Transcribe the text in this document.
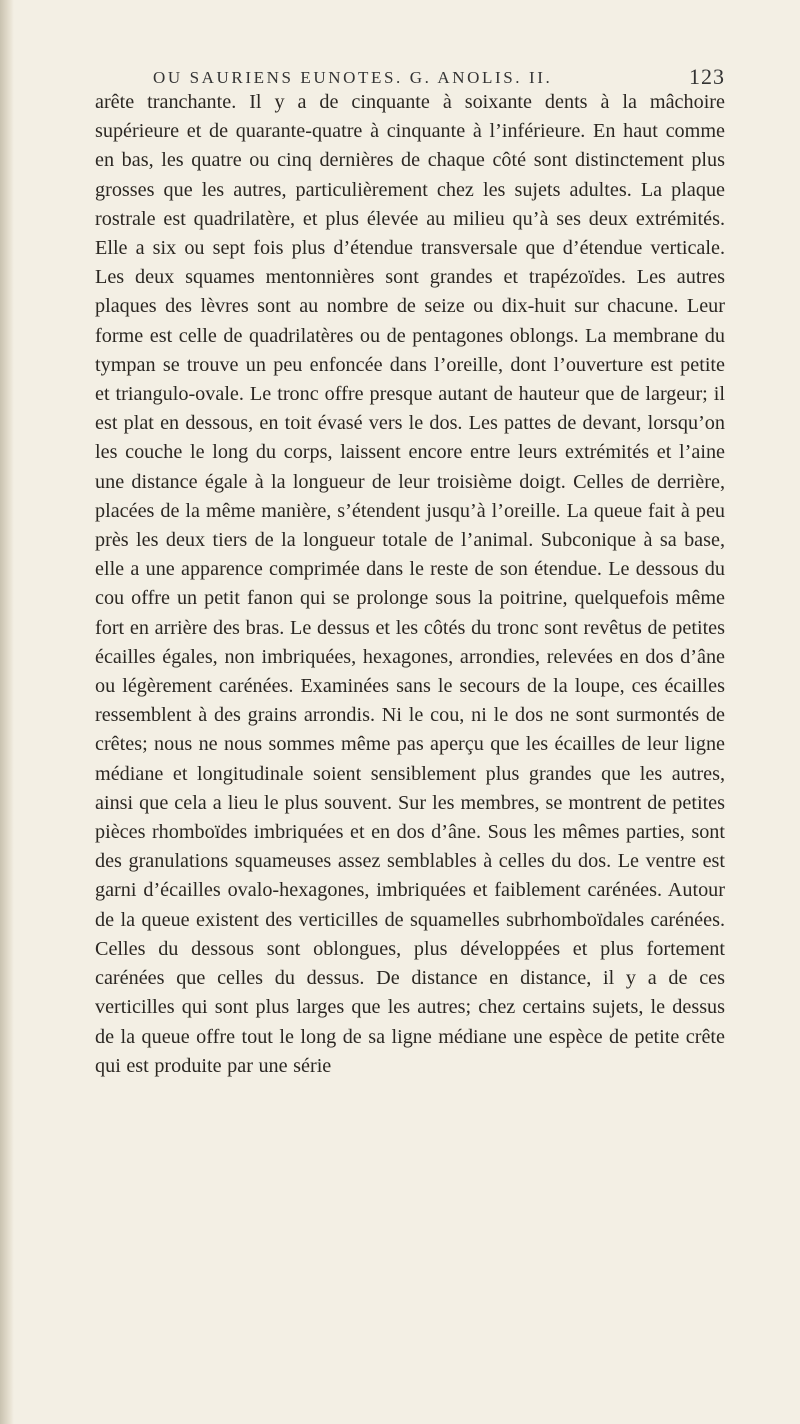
OU SAURIENS EUNOTES. G. ANOLIS. II.	123

arête tranchante. Il y a de cinquante à soixante dents à la mâchoire supérieure et de quarante-quatre à cinquante à l’inférieure. En haut comme en bas, les quatre ou cinq dernières de chaque côté sont distinctement plus grosses que les autres, particulièrement chez les sujets adultes. La plaque rostrale est quadrilatère, et plus élevée au milieu qu’à ses deux extrémités. Elle a six ou sept fois plus d’étendue transversale que d’étendue verticale. Les deux squames mentonnières sont grandes et trapézoïdes. Les autres plaques des lèvres sont au nombre de seize ou dix-huit sur chacune. Leur forme est celle de quadrilatères ou de pentagones oblongs. La membrane du tympan se trouve un peu enfoncée dans l’oreille, dont l’ouverture est petite et triangulo-ovale. Le tronc offre presque autant de hauteur que de largeur; il est plat en dessous, en toit évasé vers le dos. Les pattes de devant, lorsqu’on les couche le long du corps, laissent encore entre leurs extrémités et l’aine une distance égale à la longueur de leur troisième doigt. Celles de derrière, placées de la même manière, s’étendent jusqu’à l’oreille. La queue fait à peu près les deux tiers de la longueur totale de l’animal. Subconique à sa base, elle a une apparence comprimée dans le reste de son étendue. Le dessous du cou offre un petit fanon qui se prolonge sous la poitrine, quelquefois même fort en arrière des bras. Le dessus et les côtés du tronc sont revêtus de petites écailles égales, non imbriquées, hexagones, arrondies, relevées en dos d’âne ou légèrement carénées. Examinées sans le secours de la loupe, ces écailles ressemblent à des grains arrondis. Ni le cou, ni le dos ne sont surmontés de crêtes; nous ne nous sommes même pas aperçu que les écailles de leur ligne médiane et longitudinale soient sensiblement plus grandes que les autres, ainsi que cela a lieu le plus souvent. Sur les membres, se montrent de petites pièces rhomboïdes imbriquées et en dos d’âne. Sous les mêmes parties, sont des granulations squameuses assez semblables à celles du dos. Le ventre est garni d’écailles ovalo-hexagones, imbriquées et faiblement carénées. Autour de la queue existent des verticilles de squamelles subrhomboïdales carénées. Celles du dessous sont oblongues, plus développées et plus fortement carénées que celles du dessus. De distance en distance, il y a de ces verticilles qui sont plus larges que les autres; chez certains sujets, le dessus de la queue offre tout le long de sa ligne médiane une espèce de petite crête qui est produite par une série
